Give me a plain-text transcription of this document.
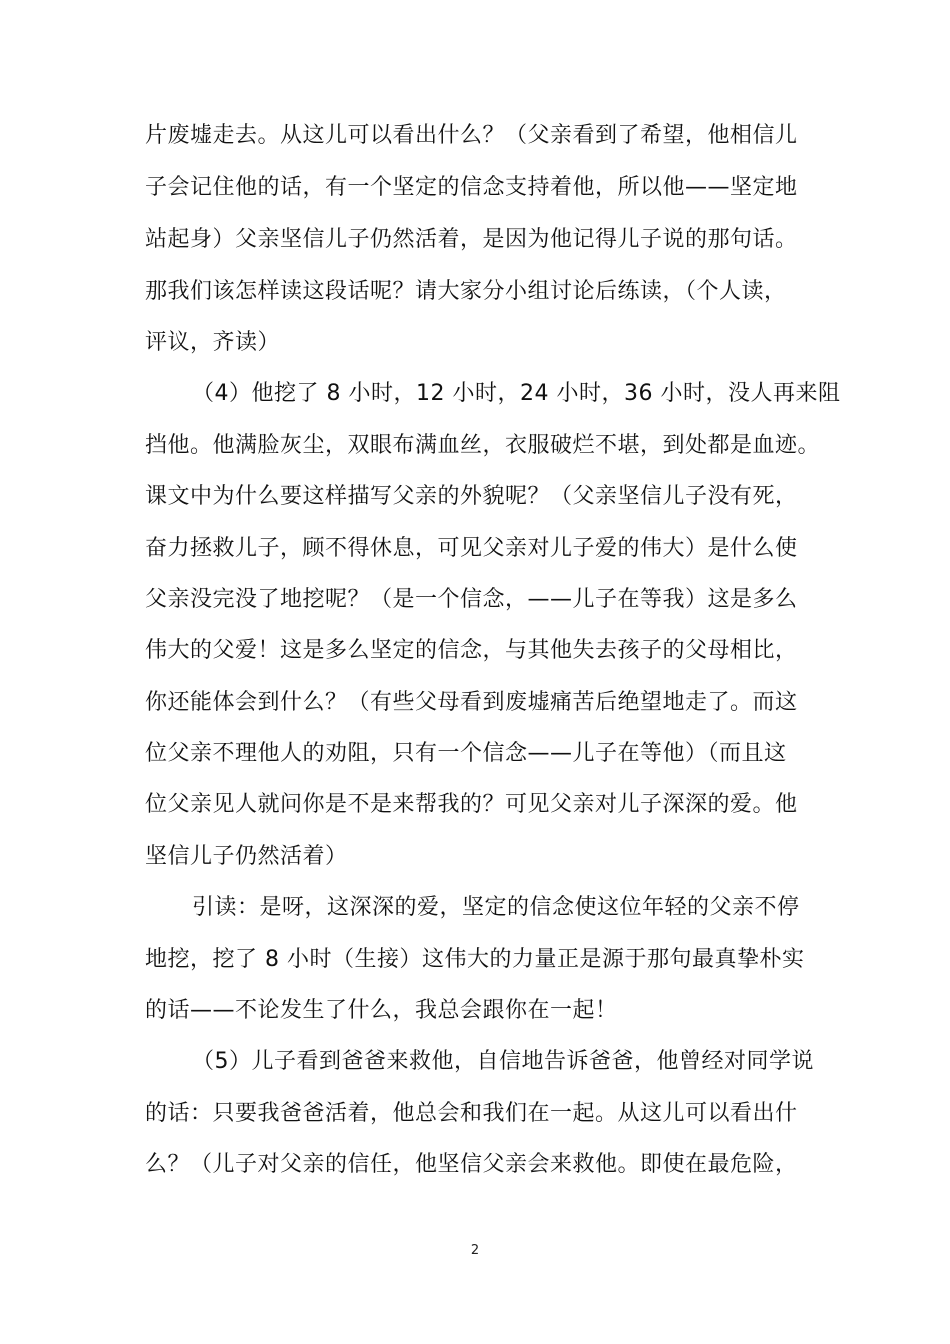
片废墟走去。从这儿可以看出什么？（父亲看到了希望，他相信儿
子会记住他的话，有一个坚定的信念支持着他，所以他——坚定地
站起身）父亲坚信儿子仍然活着，是因为他记得儿子说的那句话。
那我们该怎样读这段话呢？请大家分小组讨论后练读，（个人读，
评议，齐读）
（4）他挖了 8 小时，12 小时，24 小时，36 小时，没人再来阻
挡他。他满脸灰尘，双眼布满血丝，衣服破烂不堪，到处都是血迹。
课文中为什么要这样描写父亲的外貌呢？（父亲坚信儿子没有死，
奋力拯救儿子，顾不得休息，可见父亲对儿子爱的伟大）是什么使
父亲没完没了地挖呢？（是一个信念，——儿子在等我）这是多么
伟大的父爱！这是多么坚定的信念，与其他失去孩子的父母相比，
你还能体会到什么？（有些父母看到废墟痛苦后绝望地走了。而这
位父亲不理他人的劝阻，只有一个信念——儿子在等他）（而且这
位父亲见人就问你是不是来帮我的？可见父亲对儿子深深的爱。他
坚信儿子仍然活着）
引读：是呀，这深深的爱，坚定的信念使这位年轻的父亲不停
地挖，挖了 8 小时（生接）这伟大的力量正是源于那句最真挚朴实
的话——不论发生了什么，我总会跟你在一起！
（5）儿子看到爸爸来救他，自信地告诉爸爸，他曾经对同学说
的话：只要我爸爸活着，他总会和我们在一起。从这儿可以看出什
么？（儿子对父亲的信任，他坚信父亲会来救他。即使在最危险，
2
